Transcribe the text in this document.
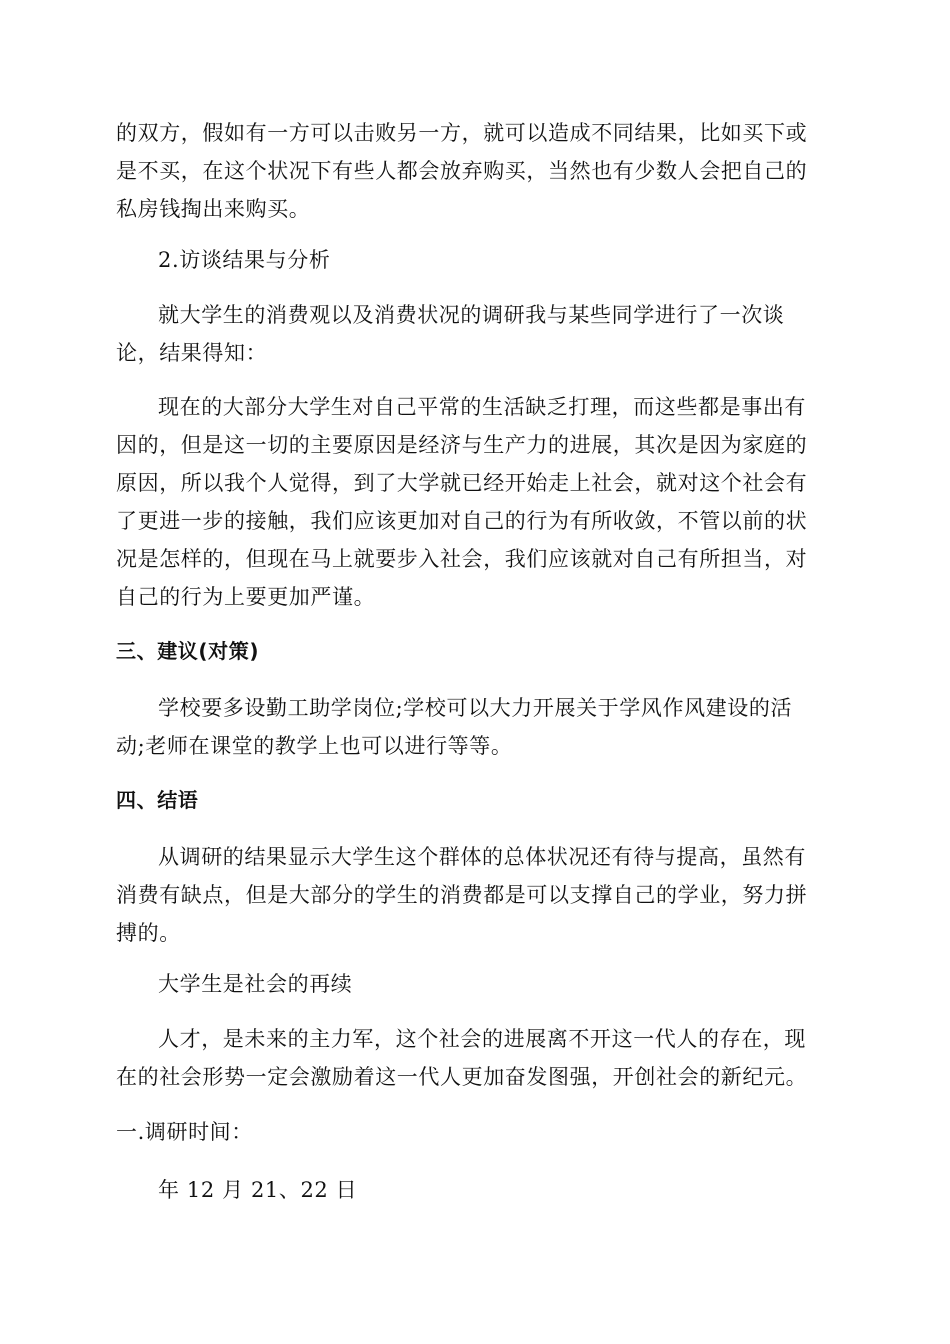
的双方，假如有一方可以击败另一方，就可以造成不同结果，比如买下或
是不买，在这个状况下有些人都会放弃购买，当然也有少数人会把自己的
私房钱掏出来购买。
2.访谈结果与分析
就大学生的消费观以及消费状况的调研我与某些同学进行了一次谈
论，结果得知：
现在的大部分大学生对自己平常的生活缺乏打理，而这些都是事出有
因的，但是这一切的主要原因是经济与生产力的进展，其次是因为家庭的
原因，所以我个人觉得，到了大学就已经开始走上社会，就对这个社会有
了更进一步的接触，我们应该更加对自己的行为有所收敛，不管以前的状
况是怎样的，但现在马上就要步入社会，我们应该就对自己有所担当，对
自己的行为上要更加严谨。
三、建议(对策)
学校要多设勤工助学岗位;学校可以大力开展关于学风作风建设的活
动;老师在课堂的教学上也可以进行等等。
四、结语
从调研的结果显示大学生这个群体的总体状况还有待与提高，虽然有
消费有缺点，但是大部分的学生的消费都是可以支撑自己的学业，努力拼
搏的。
大学生是社会的再续
人才，是未来的主力军，这个社会的进展离不开这一代人的存在，现
在的社会形势一定会激励着这一代人更加奋发图强，开创社会的新纪元。
一.调研时间：
年 12 月 21、22 日
